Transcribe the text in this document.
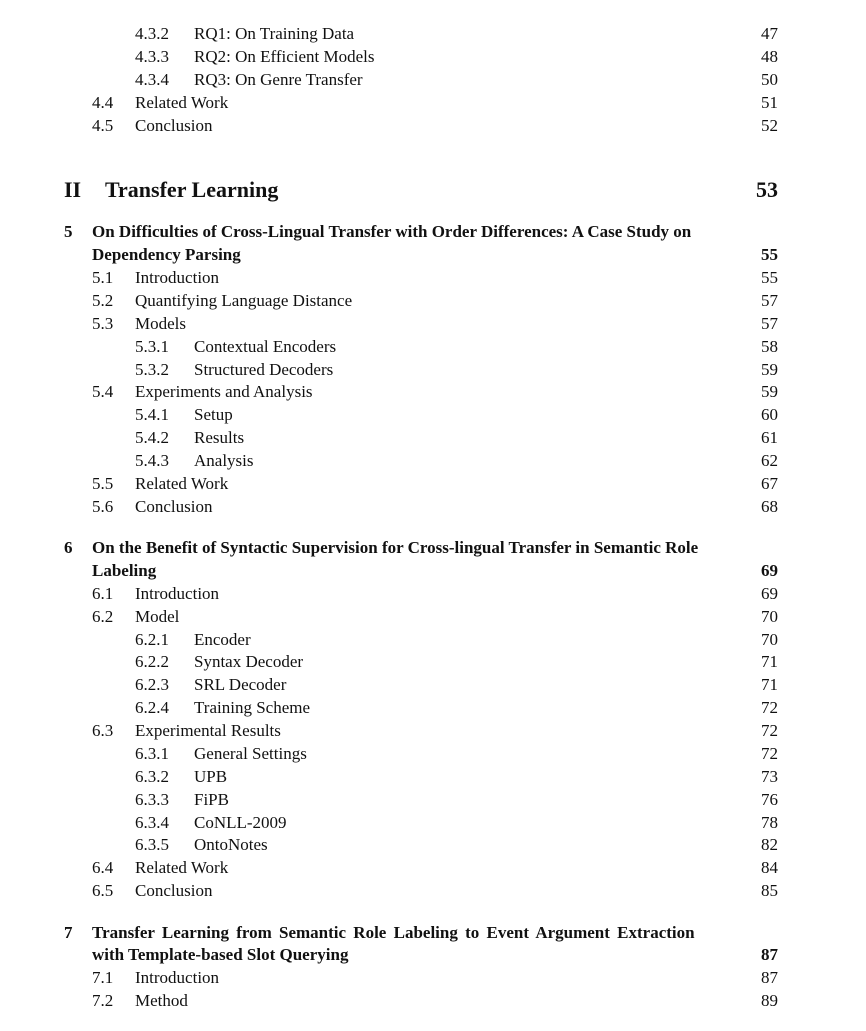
4.3.2 RQ1: On Training Data	47
4.3.3 RQ2: On Efficient Models	48
4.3.4 RQ3: On Genre Transfer	50
4.4 Related Work	51
4.5 Conclusion	52
II Transfer Learning	53
5 On Difficulties of Cross-Lingual Transfer with Order Differences: A Case Study on
Dependency Parsing	55
5.1 Introduction	55
5.2 Quantifying Language Distance	57
5.3 Models	57
5.3.1 Contextual Encoders	58
5.3.2 Structured Decoders	59
5.4 Experiments and Analysis	59
5.4.1 Setup	60
5.4.2 Results	61
5.4.3 Analysis	62
5.5 Related Work	67
5.6 Conclusion	68
6 On the Benefit of Syntactic Supervision for Cross-lingual Transfer in Semantic Role
Labeling	69
6.1 Introduction	69
6.2 Model	70
6.2.1 Encoder	70
6.2.2 Syntax Decoder	71
6.2.3 SRL Decoder	71
6.2.4 Training Scheme	72
6.3 Experimental Results	72
6.3.1 General Settings	72
6.3.2 UPB	73
6.3.3 FiPB	76
6.3.4 CoNLL-2009	78
6.3.5 OntoNotes	82
6.4 Related Work	84
6.5 Conclusion	85
7 Transfer Learning from Semantic Role Labeling to Event Argument Extraction
with Template-based Slot Querying	87
7.1 Introduction	87
7.2 Method	89
